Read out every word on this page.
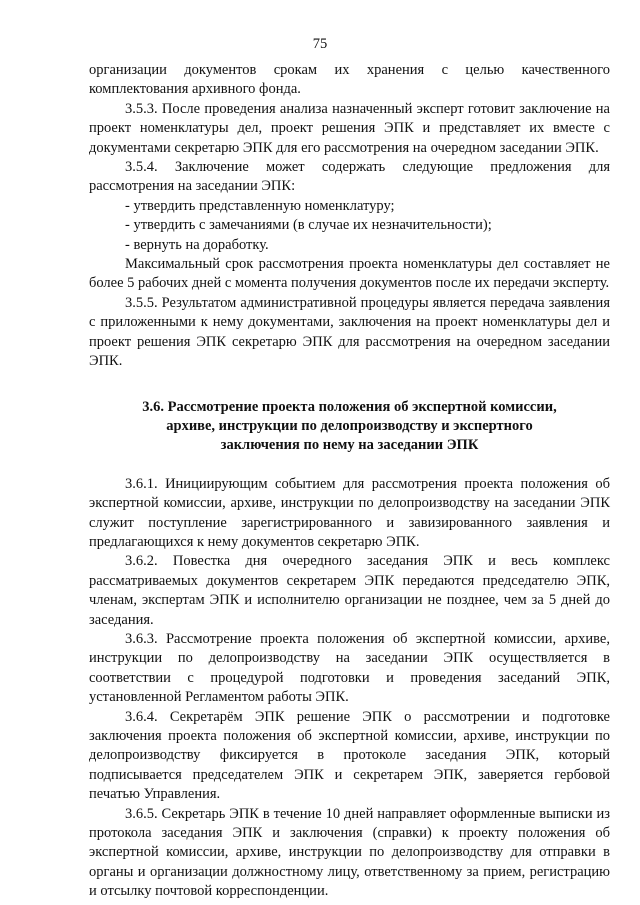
75

организации документов срокам их хранения с целью качественного комплектования архивного фонда.

3.5.3. После проведения анализа назначенный эксперт готовит заключение на проект номенклатуры дел, проект решения ЭПК и представляет их вместе с документами секретарю ЭПК для его рассмотрения на очередном заседании ЭПК.

3.5.4. Заключение может содержать следующие предложения для рассмотрения на заседании ЭПК:

- утвердить представленную номенклатуру;

- утвердить с замечаниями (в случае их незначительности);

- вернуть на доработку.

Максимальный срок рассмотрения проекта номенклатуры дел составляет не более 5 рабочих дней с момента получения документов после их передачи эксперту.

3.5.5. Результатом административной процедуры является передача заявления с приложенными к нему документами, заключения на проект номенклатуры дел и проект решения ЭПК секретарю ЭПК для рассмотрения на очередном заседании ЭПК.

3.6. Рассмотрение проекта положения об экспертной комиссии,
архиве, инструкции по делопроизводству и экспертного
заключения по нему на заседании ЭПК

3.6.1. Инициирующим событием для рассмотрения проекта положения об экспертной комиссии, архиве, инструкции по делопроизводству на заседании ЭПК служит поступление зарегистрированного и завизированного заявления и предлагающихся к нему документов секретарю ЭПК.

3.6.2. Повестка дня очередного заседания ЭПК и весь комплекс рассматриваемых документов секретарем ЭПК передаются председателю ЭПК, членам, экспертам ЭПК и исполнителю организации не позднее, чем за 5 дней до заседания.

3.6.3. Рассмотрение проекта положения об экспертной комиссии, архиве, инструкции по делопроизводству на заседании ЭПК осуществляется в соответствии с процедурой подготовки и проведения заседаний ЭПК, установленной Регламентом работы ЭПК.

3.6.4. Секретарём ЭПК решение ЭПК о рассмотрении и подготовке заключения проекта положения об экспертной комиссии, архиве, инструкции по делопроизводству фиксируется в протоколе заседания ЭПК, который подписывается председателем ЭПК и секретарем ЭПК, заверяется гербовой печатью Управления.

3.6.5. Секретарь ЭПК в течение 10 дней направляет оформленные выписки из протокола заседания ЭПК и заключения (справки) к проекту положения об экспертной комиссии, архиве, инструкции по делопроизводству для отправки в органы и организации должностному лицу, ответственному за прием, регистрацию и отсылку почтовой корреспонденции.
